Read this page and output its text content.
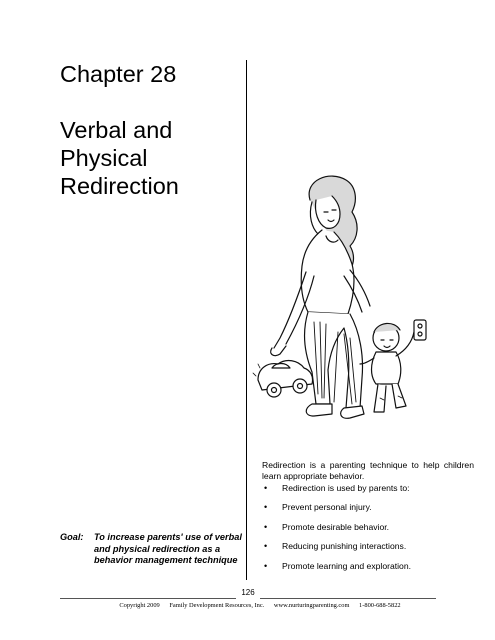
Chapter 28
Verbal and
Physical
Redirection

Redirection is a parenting technique to help children learn appropriate behavior.

• Redirection is used by parents to:
• Prevent personal injury.
• Promote desirable behavior.
• Reducing punishing interactions.
• Promote learning and exploration.
Goal: To increase parents' use of verbal and physical redirection as a behavior management technique
126
Copyright 2009 Family Development Resources, Inc. www.nurturingparenting.com 1-800-688-5822
